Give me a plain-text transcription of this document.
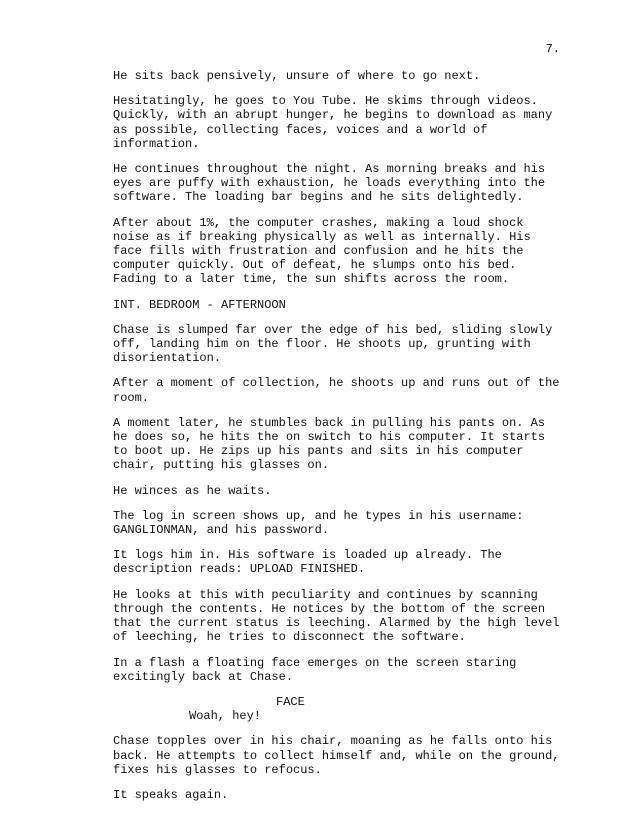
7.

He sits back pensively, unsure of where to go next.

Hesitatingly, he goes to You Tube. He skims through videos. Quickly, with an abrupt hunger, he begins to download as many as possible, collecting faces, voices and a world of information.

He continues throughout the night. As morning breaks and his eyes are puffy with exhaustion, he loads everything into the software. The loading bar begins and he sits delightedly.

After about 1%, the computer crashes, making a loud shock noise as if breaking physically as well as internally. His face fills with frustration and confusion and he hits the computer quickly. Out of defeat, he slumps onto his bed. Fading to a later time, the sun shifts across the room.

INT. BEDROOM - AFTERNOON

Chase is slumped far over the edge of his bed, sliding slowly off, landing him on the floor. He shoots up, grunting with disorientation.

After a moment of collection, he shoots up and runs out of the room.

A moment later, he stumbles back in pulling his pants on. As he does so, he hits the on switch to his computer. It starts to boot up. He zips up his pants and sits in his computer chair, putting his glasses on.

He winces as he waits.

The log in screen shows up, and he types in his username: GANGLIONMAN, and his password.

It logs him in. His software is loaded up already. The description reads: UPLOAD FINISHED.

He looks at this with peculiarity and continues by scanning through the contents. He notices by the bottom of the screen that the current status is leeching. Alarmed by the high level of leeching, he tries to disconnect the software.

In a flash a floating face emerges on the screen staring excitingly back at Chase.

FACE

Woah, hey!

Chase topples over in his chair, moaning as he falls onto his back. He attempts to collect himself and, while on the ground, fixes his glasses to refocus.

It speaks again.
